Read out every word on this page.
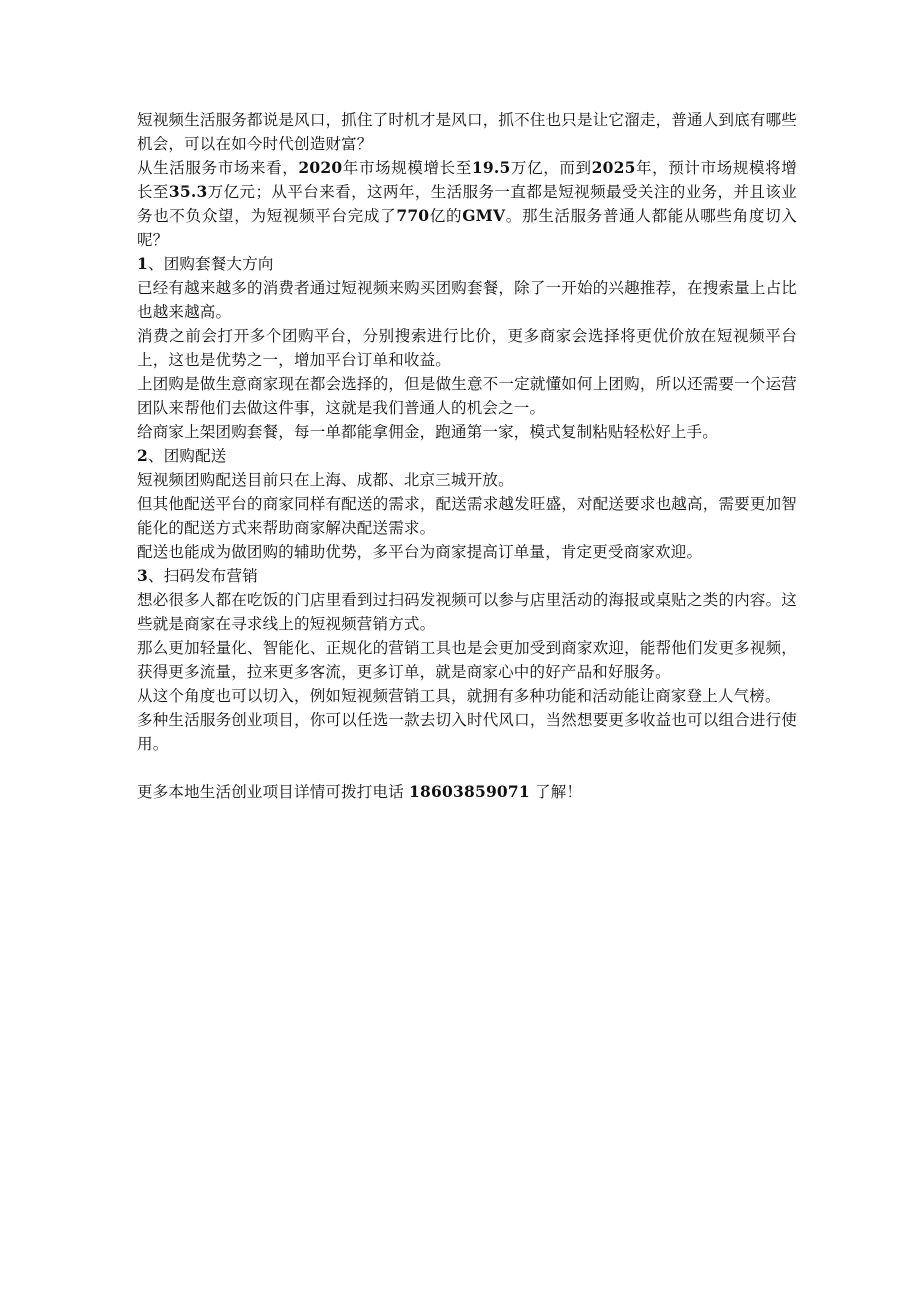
短视频生活服务都说是风口，抓住了时机才是风口，抓不住也只是让它溜走，普通人到底有哪些机会，可以在如今时代创造财富？

从生活服务市场来看，2020年市场规模增长至19.5万亿，而到2025年，预计市场规模将增长至35.3万亿元；从平台来看，这两年，生活服务一直都是短视频最受关注的业务，并且该业务也不负众望，为短视频平台完成了770亿的GMV。那生活服务普通人都能从哪些角度切入呢？

1、团购套餐大方向

已经有越来越多的消费者通过短视频来购买团购套餐，除了一开始的兴趣推荐，在搜索量上占比也越来越高。

消费之前会打开多个团购平台，分别搜索进行比价，更多商家会选择将更优价放在短视频平台上，这也是优势之一，增加平台订单和收益。

上团购是做生意商家现在都会选择的，但是做生意不一定就懂如何上团购，所以还需要一个运营团队来帮他们去做这件事，这就是我们普通人的机会之一。

给商家上架团购套餐，每一单都能拿佣金，跑通第一家，模式复制粘贴轻松好上手。

2、团购配送

短视频团购配送目前只在上海、成都、北京三城开放。

但其他配送平台的商家同样有配送的需求，配送需求越发旺盛，对配送要求也越高，需要更加智能化的配送方式来帮助商家解决配送需求。

配送也能成为做团购的辅助优势，多平台为商家提高订单量，肯定更受商家欢迎。

3、扫码发布营销

想必很多人都在吃饭的门店里看到过扫码发视频可以参与店里活动的海报或桌贴之类的内容。这些就是商家在寻求线上的短视频营销方式。

那么更加轻量化、智能化、正规化的营销工具也是会更加受到商家欢迎，能帮他们发更多视频，获得更多流量，拉来更多客流，更多订单，就是商家心中的好产品和好服务。

从这个角度也可以切入，例如短视频营销工具，就拥有多种功能和活动能让商家登上人气榜。

多种生活服务创业项目，你可以任选一款去切入时代风口，当然想要更多收益也可以组合进行使用。

更多本地生活创业项目详情可拨打电话 18603859071 了解！
